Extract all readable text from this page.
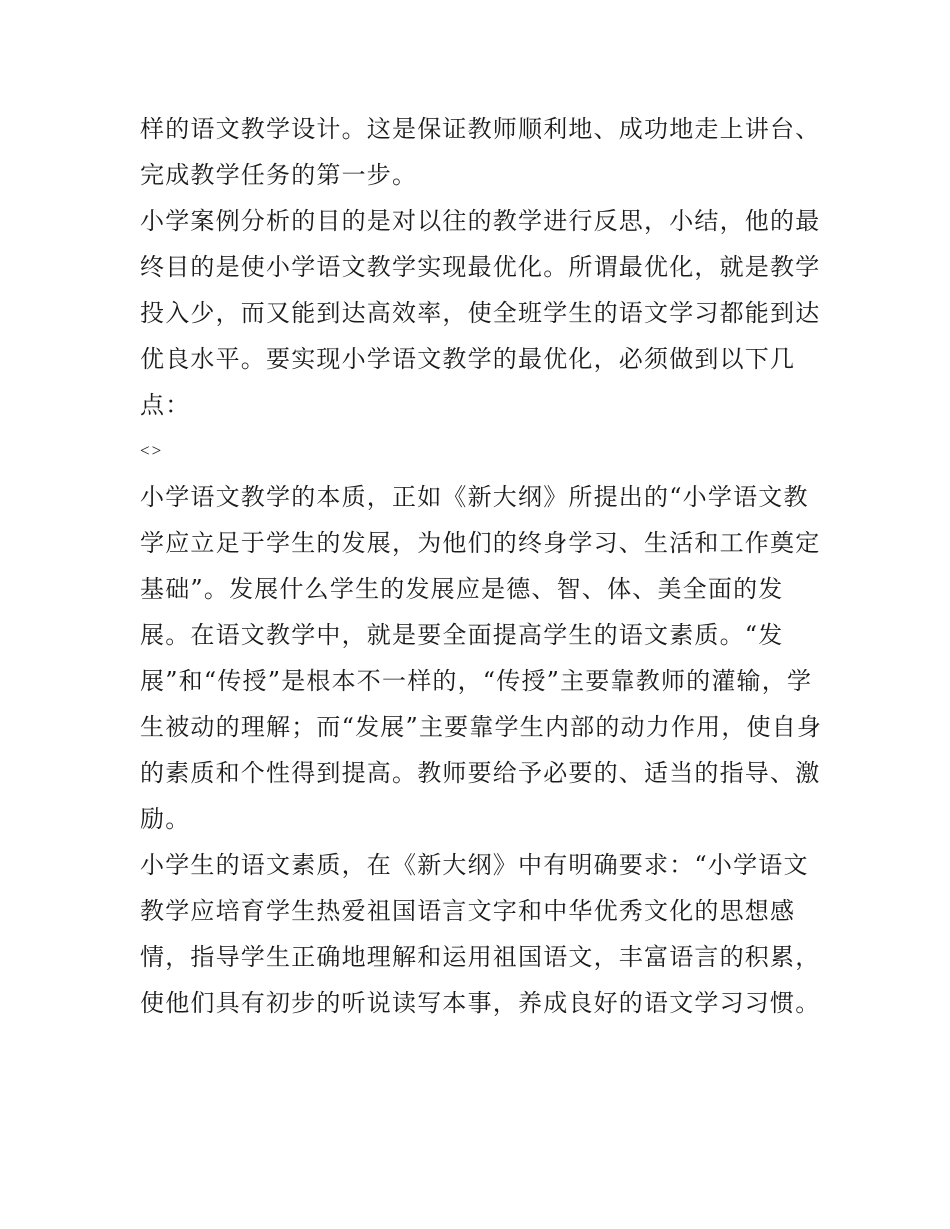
样的语文教学设计。这是保证教师顺利地、成功地走上讲台、
完成教学任务的第一步。
小学案例分析的目的是对以往的教学进行反思，小结，他的最
终目的是使小学语文教学实现最优化。所谓最优化，就是教学
投入少，而又能到达高效率，使全班学生的语文学习都能到达
优良水平。要实现小学语文教学的最优化，必须做到以下几
点：
<>
小学语文教学的本质，正如《新大纲》所提出的“小学语文教
学应立足于学生的发展，为他们的终身学习、生活和工作奠定
基础”。发展什么学生的发展应是德、智、体、美全面的发
展。在语文教学中，就是要全面提高学生的语文素质。“发
展”和“传授”是根本不一样的，“传授”主要靠教师的灌输，学
生被动的理解；而“发展”主要靠学生内部的动力作用，使自身
的素质和个性得到提高。教师要给予必要的、适当的指导、激
励。
小学生的语文素质，在《新大纲》中有明确要求：“小学语文
教学应培育学生热爱祖国语言文字和中华优秀文化的思想感
情，指导学生正确地理解和运用祖国语文，丰富语言的积累，
使他们具有初步的听说读写本事，养成良好的语文学习习惯。
